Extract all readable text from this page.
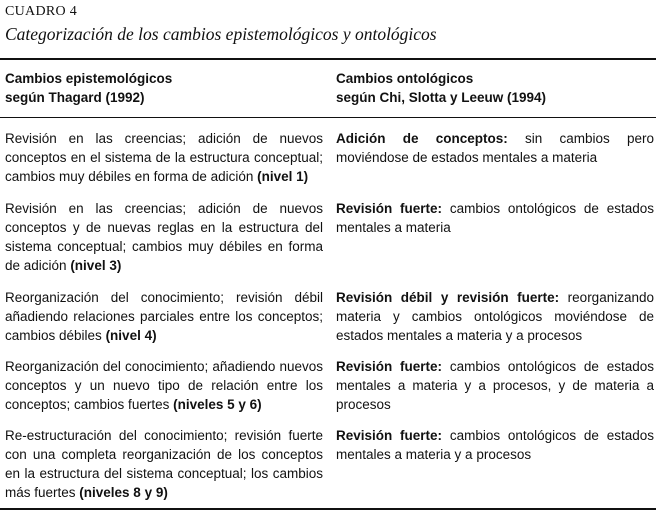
CUADRO 4
Categorización de los cambios epistemológicos y ontológicos
Cambios epistemológicos
según Thagard (1992)
Cambios ontológicos
según Chi, Slotta y Leeuw (1994)
Revisión en las creencias; adición de nuevos conceptos en el sistema de la estructura conceptual; cambios muy débiles en forma de adición (nivel 1)
Adición de conceptos: sin cambios pero moviéndose de estados mentales a materia
Revisión en las creencias; adición de nuevos conceptos y de nuevas reglas en la estructura del sistema conceptual; cambios muy débiles en forma de adición (nivel 3)
Revisión fuerte: cambios ontológicos de estados mentales a materia
Reorganización del conocimiento; revisión débil añadiendo relaciones parciales entre los conceptos; cambios débiles (nivel 4)
Revisión débil y revisión fuerte: reorganizando materia y cambios ontológicos moviéndose de estados mentales a materia y a procesos
Reorganización del conocimiento; añadiendo nuevos conceptos y un nuevo tipo de relación entre los conceptos; cambios fuertes (niveles 5 y 6)
Revisión fuerte: cambios ontológicos de estados mentales a materia y a procesos, y de materia a procesos
Re-estructuración del conocimiento; revisión fuerte con una completa reorganización de los conceptos en la estructura del sistema conceptual; los cambios más fuertes (niveles 8 y 9)
Revisión fuerte: cambios ontológicos de estados mentales a materia y a procesos
